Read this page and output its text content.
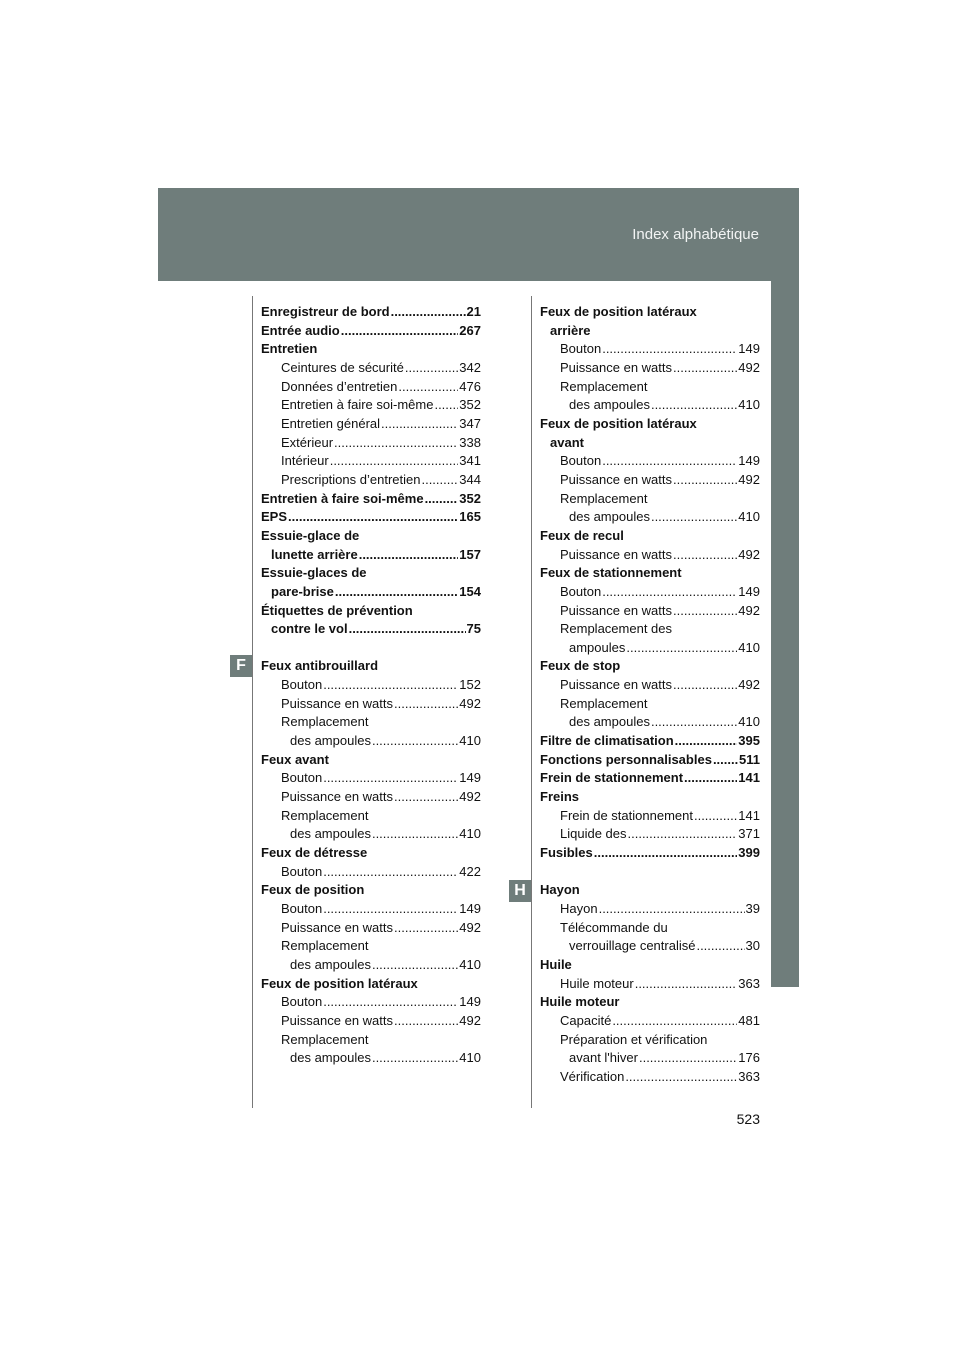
Index alphabétique
F
H
Enregistreur de bord .....	21
Entrée audio .....	267
Entretien
Ceintures de sécurité .....	342
Données d’entretien .....	476
Entretien à faire soi-même ..... 352
Entretien général .....	347
Extérieur .....	338
Intérieur .....	341
Prescriptions d’entretien .....	344
Entretien à faire soi-même .....	352
EPS .....	165
Essuie-glace de
lunette arrière .....	157
Essuie-glaces de
pare-brise .....	154
Étiquettes de prévention
contre le vol .....	75
Feux antibrouillard
Bouton .....	152
Puissance en watts .....	492
Remplacement
des ampoules .....	410
Feux avant
Bouton .....	149
Puissance en watts .....	492
Remplacement
des ampoules .....	410
Feux de détresse
Bouton .....	422
Feux de position
Bouton .....	149
Puissance en watts .....	492
Remplacement
des ampoules .....	410
Feux de position latéraux
Bouton .....	149
Puissance en watts .....	492
Remplacement
des ampoules .....	410
Feux de position latéraux
arrière
Bouton .....	149
Puissance en watts .....	492
Remplacement
des ampoules .....	410
Feux de position latéraux
avant
Bouton .....	149
Puissance en watts .....	492
Remplacement
des ampoules .....	410
Feux de recul
Puissance en watts .....	492
Feux de stationnement
Bouton .....	149
Puissance en watts .....	492
Remplacement des
ampoules .....	410
Feux de stop
Puissance en watts .....	492
Remplacement
des ampoules .....	410
Filtre de climatisation .....	395
Fonctions personnalisables ..... 511
Frein de stationnement .....	141
Freins
Frein de stationnement .....	141
Liquide des .....	371
Fusibles .....	399
Hayon
Hayon .....	39
Télécommande du
verrouillage centralisé .....	30
Huile
Huile moteur .....	363
Huile moteur
Capacité .....	481
Préparation et vérification
avant l'hiver .....	176
Vérification .....	363
523
